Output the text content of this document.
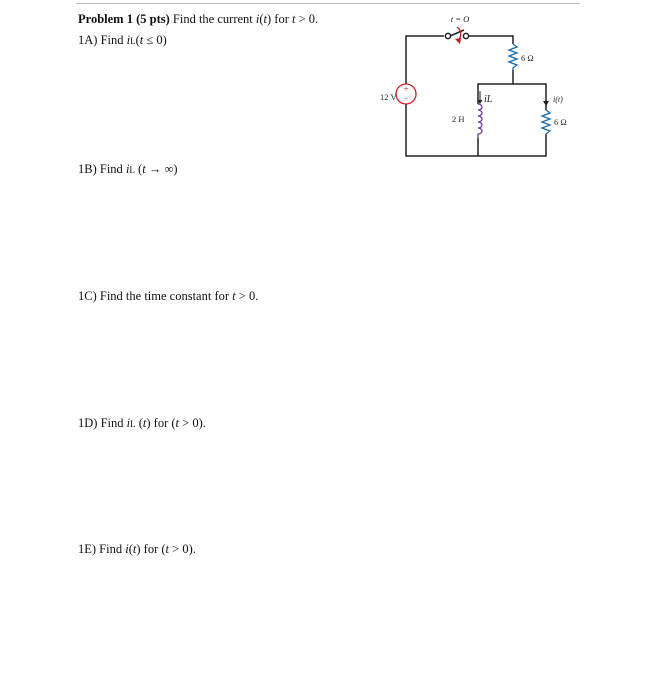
Problem 1 (5 pts) Find the current i(t) for t > 0.
1A) Find iL(t ≤ 0)
1B) Find iL (t → ∞)
1C) Find the time constant for t > 0.
1D) Find iL (t) for (t > 0).
1E) Find i(t) for (t > 0).
t = O
6 Ω
6 Ω
i(t)
2 H
iL
+
−
12 V
